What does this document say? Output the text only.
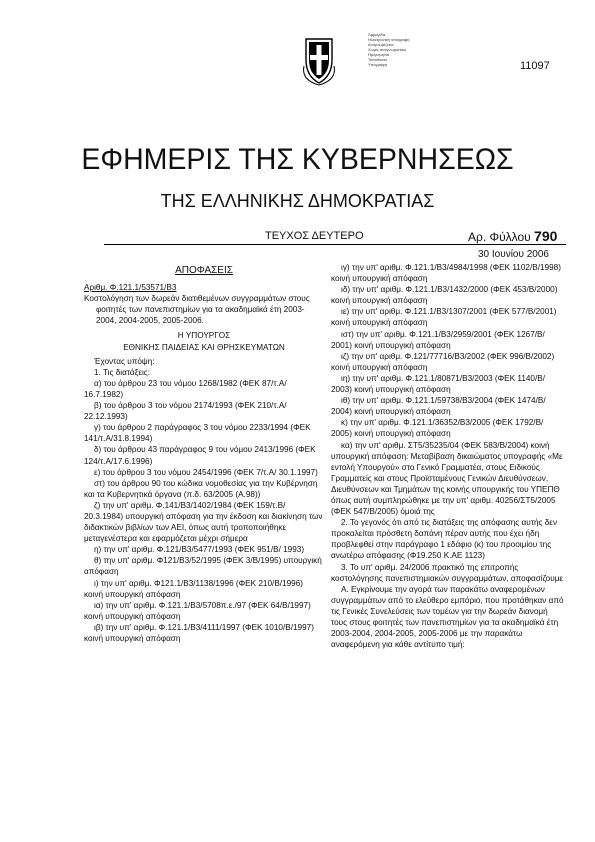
Σφραγίδα
Ηλεκτρονική υπογραφή
Αναγνωρίζεται
Χωρίς αναγνωριστικό
Ημερομηνία
Τοποθεσία
Υπογραφή	11097
ΕΦΗΜΕΡΙΣ ΤΗΣ ΚΥΒΕΡΝΗΣΕΩΣ
ΤΗΣ ΕΛΛΗΝΙΚΗΣ ΔΗΜΟΚΡΑΤΙΑΣ
ΤΕΥΧΟΣ ΔΕΥΤΕΡΟ	Αρ. Φύλλου 790
30 Ιουνίου 2006

ΑΠΟΦΑΣΕΙΣ

Αριθμ. Φ.121.1/53571/Β3

Κοστολόγηση των δωρεάν διατιθεμένων συγγραμμάτων στους φοιτητές των πανεπιστημίων για τα ακαδημαϊκά έτη 2003-2004, 2004-2005, 2005-2006.

Η ΥΠΟΥΡΓΟΣ

ΕΘΝΙΚΗΣ ΠΑΙΔΕΙΑΣ ΚΑΙ ΘΡΗΣΚΕΥΜΑΤΩΝ

Έχοντας υπόψη:

1. Τις διατάξεις:

α) του άρθρου 23 του νόμου 1268/1982 (ΦΕΚ 87/τ.Α/ 16.7.1982)

β) του άρθρου 3 του νόμου 2174/1993 (ΦΕΚ 210/τ.Α/ 22.12.1993)

γ) του άρθρου 2 παράγραφος 3 του νόμου 2233/1994 (ΦΕΚ 141/τ.Α/31.8.1994)

δ) του άρθρου 43 παράγραφος 9 του νόμου 2413/1996 (ΦΕΚ 124/τ.Α/17.6.1996)

ε) του άρθρου 3 του νόμου 2454/1996 (ΦΕΚ 7/τ.Α/ 30.1.1997)

στ) του άρθρου 90 του κώδικα νομοθεσίας για την Κυβέρνηση και τα Κυβερνητικά όργανα (π.δ. 63/2005 (Α.98))

ζ) την υπ' αριθμ. Φ.141/Β3/1402/1984 (ΦΕΚ 159/τ.Β/ 20.3.1984) υπουργική απόφαση για την έκδοση και διακίνηση των διδακτικών βιβλίων των ΑΕΙ, όπως αυτή τροποποιήθηκε μεταγενέστερα και εφαρμόζεται μέχρι σήμερα

η) την υπ' αριθμ. Φ.121/Β3/5477/1993 (ΦΕΚ 951/Β/ 1993)

θ) την υπ' αριθμ. Φ121/Β3/52/1995 (ΦΕΚ 3/Β/1995) υπουργική απόφαση

ι) την υπ' αριθμ. Φ121.1/Β3/1138/1996 (ΦΕΚ 210/Β/1996) κοινή υπουργική απόφαση

ια) την υπ' αριθμ. Φ.121.1/Β3/5708π.ε./97 (ΦΕΚ 64/Β/1997) κοινή υπουργική απόφαση

ιβ) την υπ' αριθμ. Φ.121.1/Β3/4111/1997 (ΦΕΚ 1010/Β/1997) κοινή υπουργική απόφαση

ιγ) την υπ' αριθμ. Φ.121.1/Β3/4984/1998 (ΦΕΚ 1102/Β/1998) κοινή υπουργική απόφαση

ιδ) την υπ' αριθμ. Φ.121.1/Β3/1432/2000 (ΦΕΚ 453/Β/2000) κοινή υπουργική απόφαση

ιε) την υπ' αριθμ. Φ.121.1/Β3/1307/2001 (ΦΕΚ 577/Β/2001) κοινή υπουργική απόφαση

ιστ) την υπ' αριθμ. Φ.121.1/Β3/2959/2001 (ΦΕΚ 1267/Β/ 2001) κοινή υπουργική απόφαση

ιζ) την υπ' αριθμ. Φ.121/77716/Β3/2002 (ΦΕΚ 996/Β/2002) κοινή υπουργική απόφαση

ιη) την υπ' αριθμ. Φ.121.1/80871/Β3/2003 (ΦΕΚ 1140/Β/ 2003) κοινή υπουργική απόφαση

ιθ) την υπ' αριθμ. Φ.121.1/59738/Β3/2004 (ΦΕΚ 1474/Β/ 2004) κοινή υπουργική απόφαση

κ) την υπ' αριθμ. Φ.121.1/36352/Β3/2005 (ΦΕΚ 1792/Β/ 2005) κοινή υπουργική απόφαση

κα) την υπ' αριθμ. ΣΤ5/35235/04 (ΦΕΚ 583/Β/2004) κοινή υπουργική απόφαση: Μεταβίβαση δικαιώματος υπογραφής «Με εντολή Υπουργού» στο Γενικό Γραμματέα, στους Ειδικούς Γραμματείς και στους Προϊσταμένους Γενικών Διευθύνσεων, Διευθύνσεων και Τμημάτων της κοινής υπουργικής του ΥΠΕΠΘ όπως αυτή συμπληρώθηκε με την υπ' αριθμ. 40256/ΣΤ5/2005 (ΦΕΚ 547/Β/2005) όμοιά της

2. Το γεγονός ότι από τις διατάξεις της απόφασης αυτής δεν προκαλείται πρόσθετη δαπάνη πέραν αυτής που έχει ήδη προβλεφθεί στην παράγραφο 1 εδάφιο (κ) του προοιμίου της ανωτέρω απόφασης (Φ19.250 Κ.ΑΕ 1123)

3. Το υπ' αριθμ. 24/2006 πρακτικό της επιτροπής κοστολόγησης πανεπιστημιακών συγγραμμάτων, αποφασίζουμε

Α. Εγκρίνουμε την αγορά των παρακάτω αναφερομένων συγγραμμάτων από το ελεύθερο εμπόριο, που προτάθηκαν από τις Γενικές Συνελεύσεις των τομέων για την δωρεάν διανομή τους στους φοιτητές των πανεπιστημίων για τα ακαδημαϊκά έτη 2003-2004, 2004-2005, 2005-2006 με την παρακάτω αναφερόμενη για κάθε αντίτυπο τιμή:
